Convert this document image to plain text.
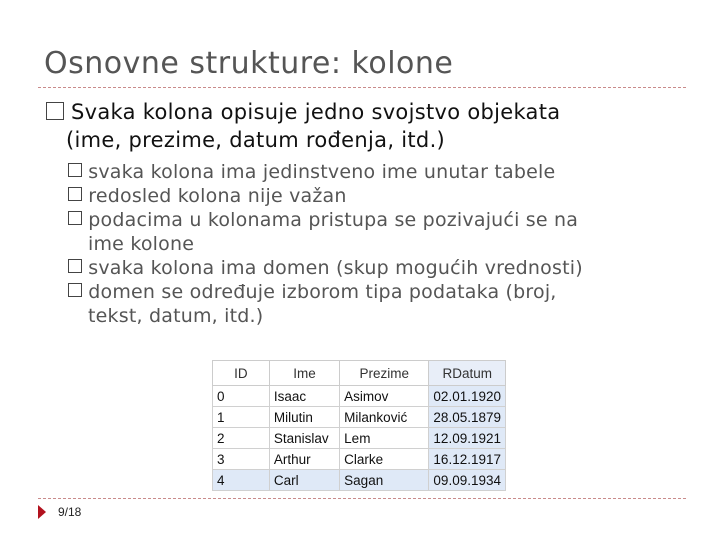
Osnovne strukture: kolone
Svaka kolona opisuje jedno svojstvo objekata
(ime, prezime, datum rođenja, itd.)
svaka kolona ima jedinstveno ime unutar tabele
redosled kolona nije važan
podacima u kolonama pristupa se pozivajući se na
ime kolone
svaka kolona ima domen (skup mogućih vrednosti)
domen se određuje izborom tipa podataka (broj,
tekst, datum, itd.)
ID	Ime	Prezime	RDatum
0	Isaac	Asimov	02.01.1920
1	Milutin	Milanković	28.05.1879
2	Stanislav	Lem	12.09.1921
3	Arthur	Clarke	16.12.1917
4	Carl	Sagan	09.09.1934
9/18
